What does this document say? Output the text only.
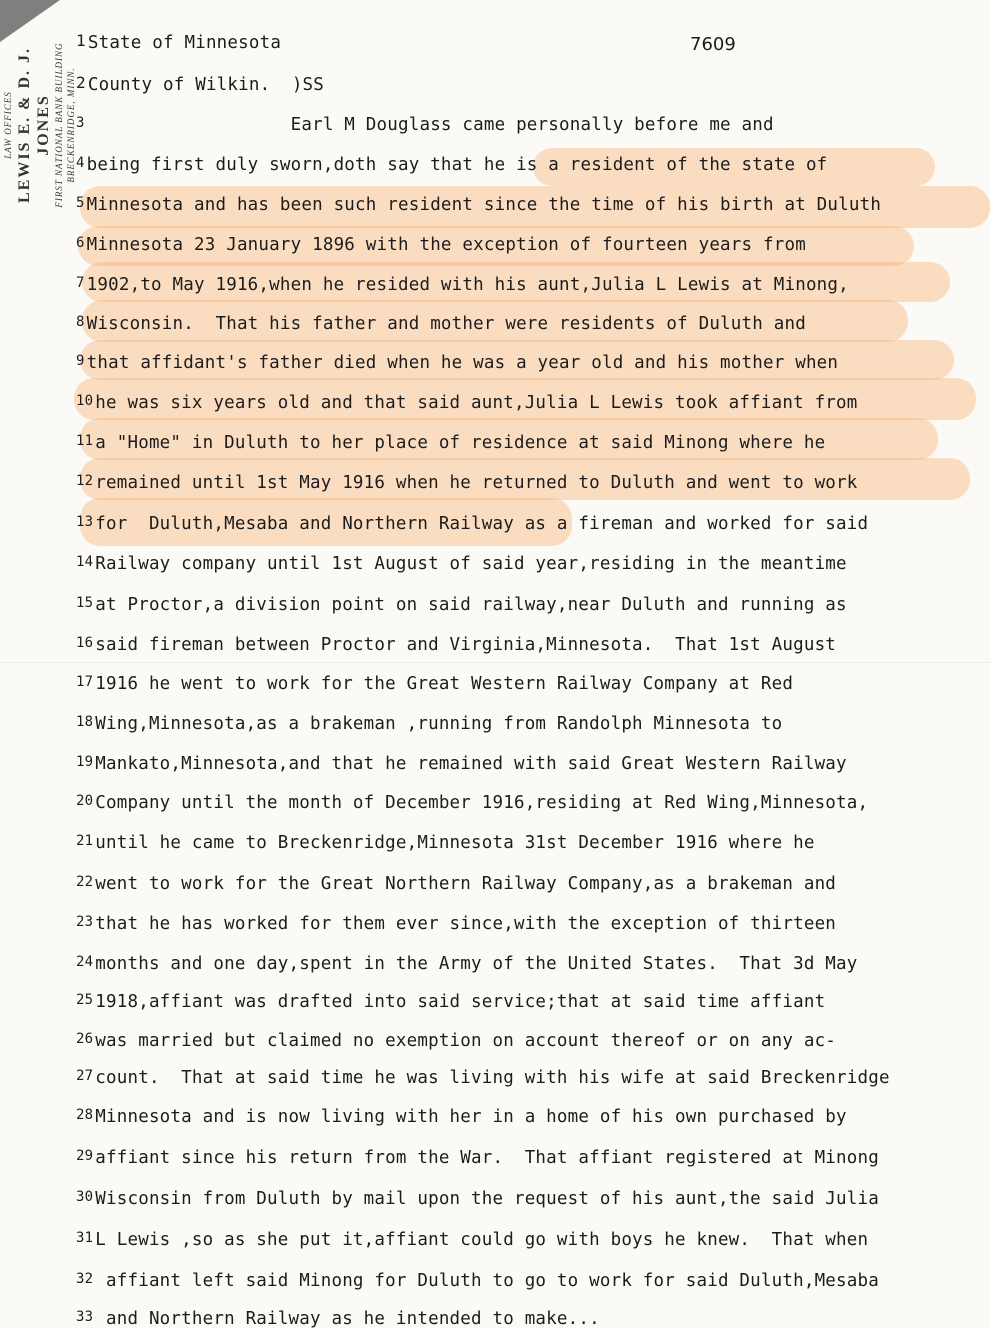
LAW OFFICES LEWIS E. & D. J. JONES FIRST NATIONAL BANK BUILDING BRECKENRIDGE, MINN.
7609
1 State of Minnesota
2 County of Wilkin.  )SS
3                   Earl M Douglass came personally before me and
4 being first duly sworn,doth say that he is a resident of the state of
5 Minnesota and has been such resident since the time of his birth at Duluth
6 Minnesota 23 January 1896 with the exception of fourteen years from
7 1902,to May 1916,when he resided with his aunt,Julia L Lewis at Minong,
8 Wisconsin.  That his father and mother were residents of Duluth and
9 that affidant's father died when he was a year old and his mother when
10 he was six years old and that said aunt,Julia L Lewis took affiant from
11 a "Home" in Duluth to her place of residence at said Minong where he
12 remained until 1st May 1916 when he returned to Duluth and went to work
13 for  Duluth,Mesaba and Northern Railway as a fireman and worked for said
14 Railway company until 1st August of said year,residing in the meantime
15 at Proctor,a division point on said railway,near Duluth and running as
16 said fireman between Proctor and Virginia,Minnesota.  That 1st August
17 1916 he went to work for the Great Western Railway Company at Red
18 Wing,Minnesota,as a brakeman ,running from Randolph Minnesota to
19 Mankato,Minnesota,and that he remained with said Great Western Railway
20 Company until the month of December 1916,residing at Red Wing,Minnesota,
21 until he came to Breckenridge,Minnesota 31st December 1916 where he
22 went to work for the Great Northern Railway Company,as a brakeman and
23 that he has worked for them ever since,with the exception of thirteen
24 months and one day,spent in the Army of the United States.  That 3d May
25 1918,affiant was drafted into said service;that at said time affiant
26 was married but claimed no exemption on account thereof or on any ac-
27 count.  That at said time he was living with his wife at said Breckenridge
28 Minnesota and is now living with her in a home of his own purchased by
29 affiant since his return from the War.  That affiant registered at Minong
30 Wisconsin from Duluth by mail upon the request of his aunt,the said Julia
31 L Lewis ,so as she put it,affiant could go with boys he knew.  That when
32 affiant left said Minong for Duluth to go to work for said Duluth,Mesaba
33 and Northern Railway as he intended to make...
